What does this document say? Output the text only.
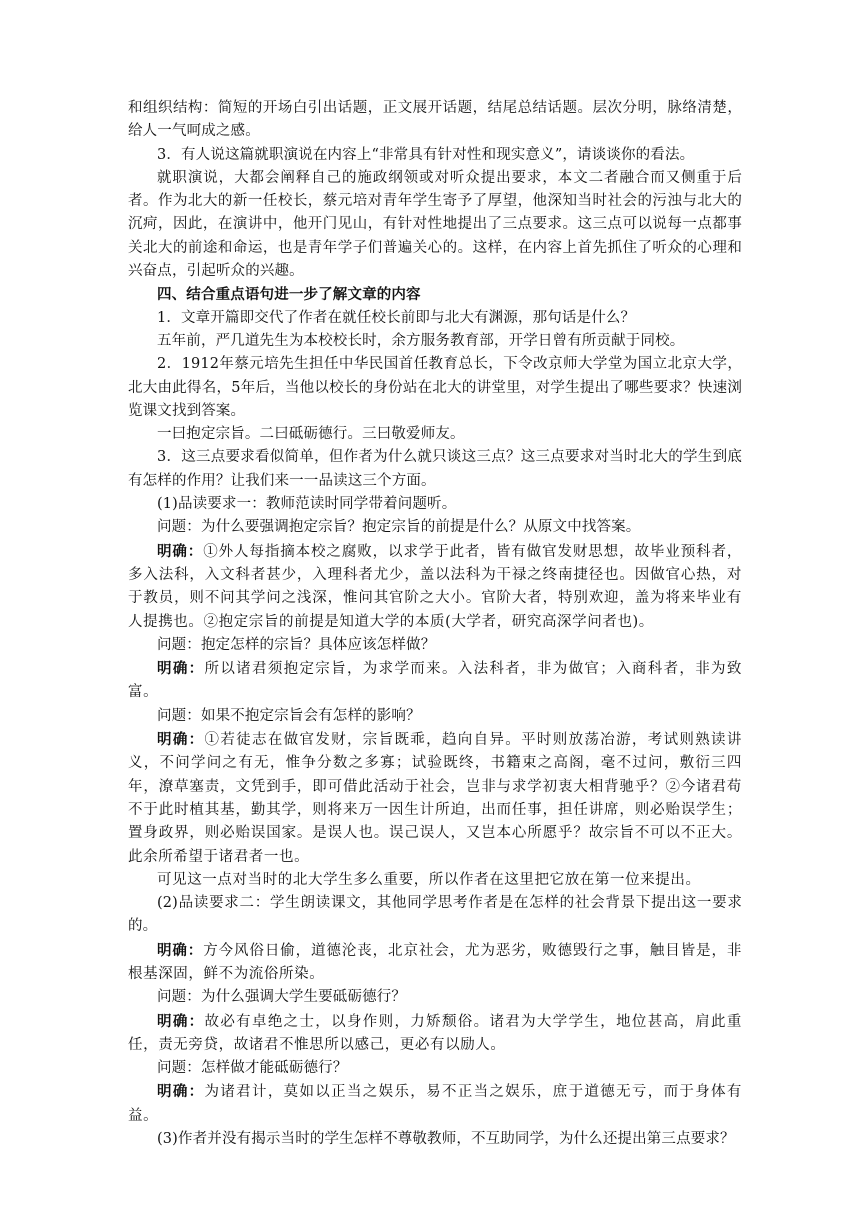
和组织结构：简短的开场白引出话题，正文展开话题，结尾总结话题。层次分明，脉络清楚，给人一气呵成之感。

3．有人说这篇就职演说在内容上“非常具有针对性和现实意义”，请谈谈你的看法。

就职演说，大都会阐释自己的施政纲领或对听众提出要求，本文二者融合而又侧重于后者。作为北大的新一任校长，蔡元培对青年学生寄予了厚望，他深知当时社会的污浊与北大的沉疴，因此，在演讲中，他开门见山，有针对性地提出了三点要求。这三点可以说每一点都事关北大的前途和命运，也是青年学子们普遍关心的。这样，在内容上首先抓住了听众的心理和兴奋点，引起听众的兴趣。

四、结合重点语句进一步了解文章的内容

1．文章开篇即交代了作者在就任校长前即与北大有渊源，那句话是什么？

五年前，严几道先生为本校校长时，余方服务教育部，开学日曾有所贡献于同校。

2．1912年蔡元培先生担任中华民国首任教育总长，下令改京师大学堂为国立北京大学，北大由此得名，5年后，当他以校长的身份站在北大的讲堂里，对学生提出了哪些要求？快速浏览课文找到答案。

一曰抱定宗旨。二曰砥砺德行。三曰敬爱师友。

3．这三点要求看似简单，但作者为什么就只谈这三点？这三点要求对当时北大的学生到底有怎样的作用？让我们来一一品读这三个方面。

(1)品读要求一：教师范读时同学带着问题听。

问题：为什么要强调抱定宗旨？抱定宗旨的前提是什么？从原文中找答案。

明确：①外人每指摘本校之腐败，以求学于此者，皆有做官发财思想，故毕业预科者，多入法科，入文科者甚少，入理科者尤少，盖以法科为干禄之终南捷径也。因做官心热，对于教员，则不问其学问之浅深，惟问其官阶之大小。官阶大者，特别欢迎，盖为将来毕业有人提携也。②抱定宗旨的前提是知道大学的本质(大学者，研究高深学问者也)。

问题：抱定怎样的宗旨？具体应该怎样做？

明确：所以诸君须抱定宗旨，为求学而来。入法科者，非为做官；入商科者，非为致富。

问题：如果不抱定宗旨会有怎样的影响？

明确：①若徒志在做官发财，宗旨既乖，趋向自异。平时则放荡冶游，考试则熟读讲义，不问学问之有无，惟争分数之多寡；试验既终，书籍束之高阁，毫不过问，敷衍三四年，潦草塞责，文凭到手，即可借此活动于社会，岂非与求学初衷大相背驰乎？②今诸君苟不于此时植其基，勤其学，则将来万一因生计所迫，出而任事，担任讲席，则必贻误学生；置身政界，则必贻误国家。是误人也。误己误人，又岂本心所愿乎？故宗旨不可以不正大。此余所希望于诸君者一也。

可见这一点对当时的北大学生多么重要，所以作者在这里把它放在第一位来提出。

(2)品读要求二：学生朗读课文，其他同学思考作者是在怎样的社会背景下提出这一要求的。

明确：方今风俗日偷，道德沦丧，北京社会，尤为恶劣，败德毁行之事，触目皆是，非根基深固，鲜不为流俗所染。

问题：为什么强调大学生要砥砺德行？

明确：故必有卓绝之士，以身作则，力矫颓俗。诸君为大学学生，地位甚高，肩此重任，责无旁贷，故诸君不惟思所以感己，更必有以励人。

问题：怎样做才能砥砺德行？

明确：为诸君计，莫如以正当之娱乐，易不正当之娱乐，庶于道德无亏，而于身体有益。

(3)作者并没有揭示当时的学生怎样不尊敬教师，不互助同学，为什么还提出第三点要求？
